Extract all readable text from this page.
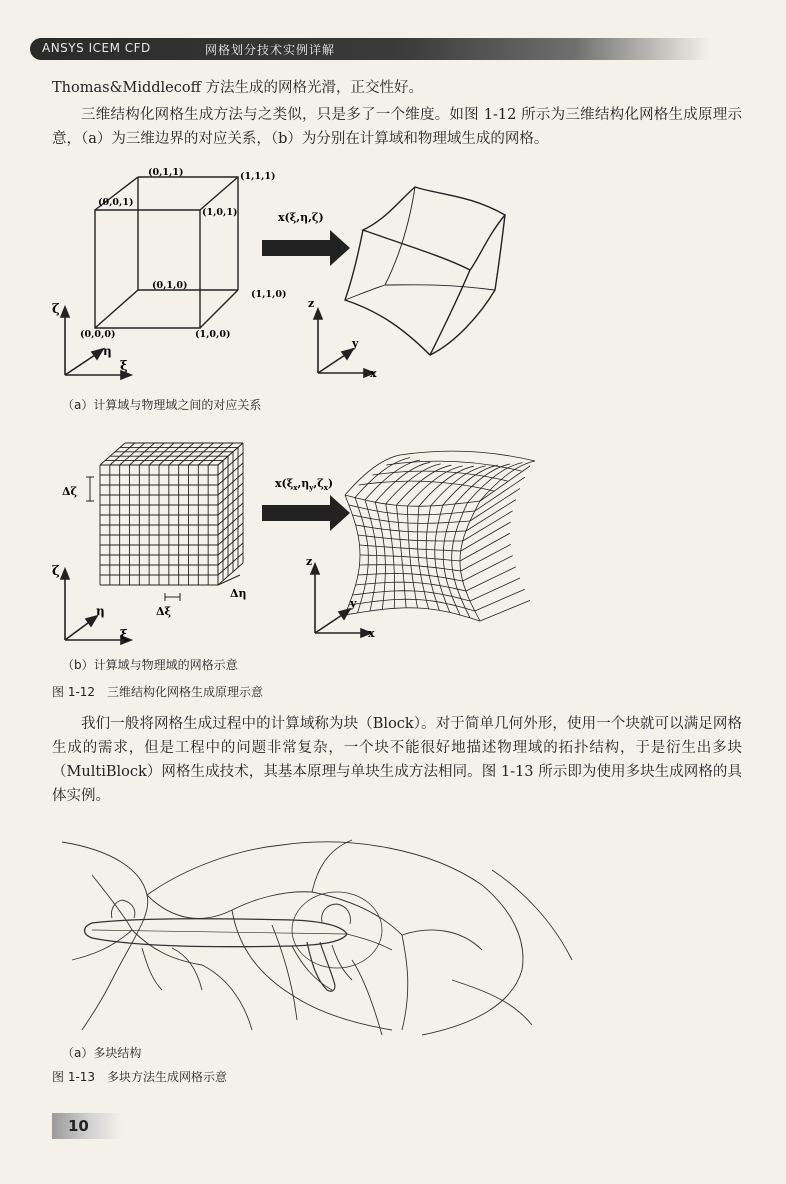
ANSYS ICEM CFD	网格划分技术实例详解
Thomas&Middlecoff 方法生成的网格光滑，正交性好。
三维结构化网格生成方法与之类似，只是多了一个维度。如图 1-12 所示为三维结构化网格生成原理示意，（a）为三维边界的对应关系，（b）为分别在计算域和物理域生成的网格。
(0,1,1)	(1,1,1)
(0,0,1)
(1,0,1)
(0,1,0)
(1,1,0)
(0,0,0)	(1,0,0)
x(ξ,η,ζ)
ζ
η
ξ
z
y
x
（a）计算域与物理域之间的对应关系
Δζ
Δξ
Δη
$x(\xi_x,\eta_y,\zeta_x)$
ζ
η
ξ
z
y
x
（b）计算域与物理域的网格示意
图 1-12　三维结构化网格生成原理示意
我们一般将网格生成过程中的计算域称为块（Block）。对于简单几何外形，使用一个块就可以满足网格生成的需求，但是工程中的问题非常复杂，一个块不能很好地描述物理域的拓扑结构，于是衍生出多块（MultiBlock）网格生成技术，其基本原理与单块生成方法相同。图 1-13 所示即为使用多块生成网格的具体实例。
（a）多块结构
图 1-13　多块方法生成网格示意
10
